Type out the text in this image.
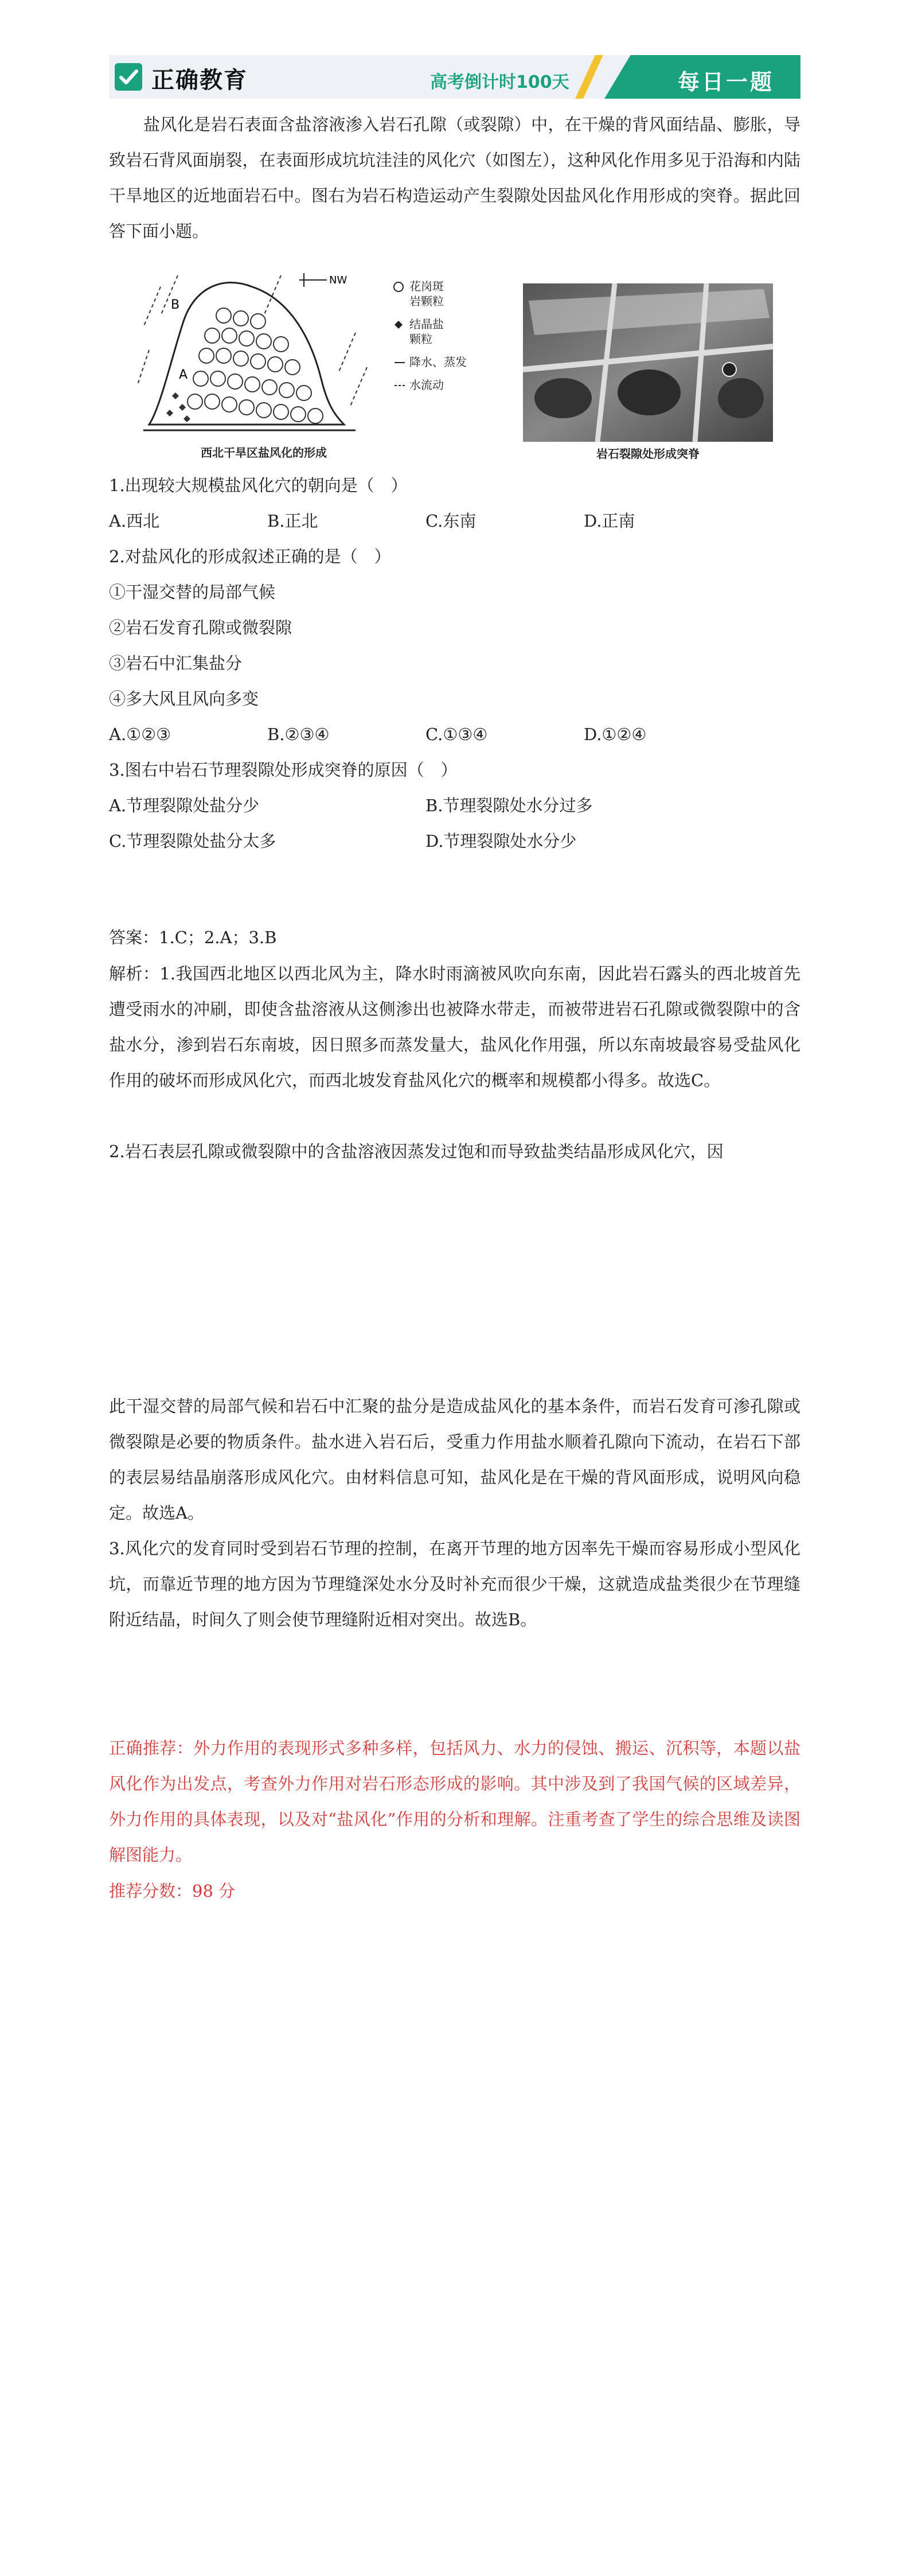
正确教育	高考倒计时100天	每日一题

盐风化是岩石表面含盐溶液渗入岩石孔隙（或裂隙）中，在干燥的背风面结晶、膨胀，导致岩石背风面崩裂，在表面形成坑坑洼洼的风化穴（如图左），这种风化作用多见于沿海和内陆干旱地区的近地面岩石中。图右为岩石构造运动产生裂隙处因盐风化作用形成的突脊。据此回答下面小题。

B
A
NW	花岗斑
岩颗粒
结晶盐
颗粒
降水、蒸发
水流动
西北干旱区盐风化的形成	岩石裂隙处形成突脊

1.出现较大规模盐风化穴的朝向是（　）

A.西北	B.正北	C.东南	D.正南

2.对盐风化的形成叙述正确的是（　）

①干湿交替的局部气候

②岩石发育孔隙或微裂隙

③岩石中汇集盐分

④多大风且风向多变

A.①②③	B.②③④	C.①③④	D.①②④

3.图右中岩石节理裂隙处形成突脊的原因（　）

A.节理裂隙处盐分少	B.节理裂隙处水分过多

C.节理裂隙处盐分太多	D.节理裂隙处水分少

答案：1.C；2.A；3.B

解析：1.我国西北地区以西北风为主，降水时雨滴被风吹向东南，因此岩石露头的西北坡首先遭受雨水的冲刷，即使含盐溶液从这侧渗出也被降水带走，而被带进岩石孔隙或微裂隙中的含盐水分，渗到岩石东南坡，因日照多而蒸发量大，盐风化作用强，所以东南坡最容易受盐风化作用的破坏而形成风化穴，而西北坡发育盐风化穴的概率和规模都小得多。故选C。

2.岩石表层孔隙或微裂隙中的含盐溶液因蒸发过饱和而导致盐类结晶形成风化穴，因

此干湿交替的局部气候和岩石中汇聚的盐分是造成盐风化的基本条件，而岩石发育可渗孔隙或微裂隙是必要的物质条件。盐水进入岩石后，受重力作用盐水顺着孔隙向下流动，在岩石下部的表层易结晶崩落形成风化穴。由材料信息可知，盐风化是在干燥的背风面形成，说明风向稳定。故选A。

3.风化穴的发育同时受到岩石节理的控制，在离开节理的地方因率先干燥而容易形成小型风化坑，而靠近节理的地方因为节理缝深处水分及时补充而很少干燥，这就造成盐类很少在节理缝附近结晶，时间久了则会使节理缝附近相对突出。故选B。

正确推荐：外力作用的表现形式多种多样，包括风力、水力的侵蚀、搬运、沉积等，本题以盐风化作为出发点，考查外力作用对岩石形态形成的影响。其中涉及到了我国气候的区域差异，外力作用的具体表现，以及对“盐风化”作用的分析和理解。注重考查了学生的综合思维及读图解图能力。

推荐分数：98 分
